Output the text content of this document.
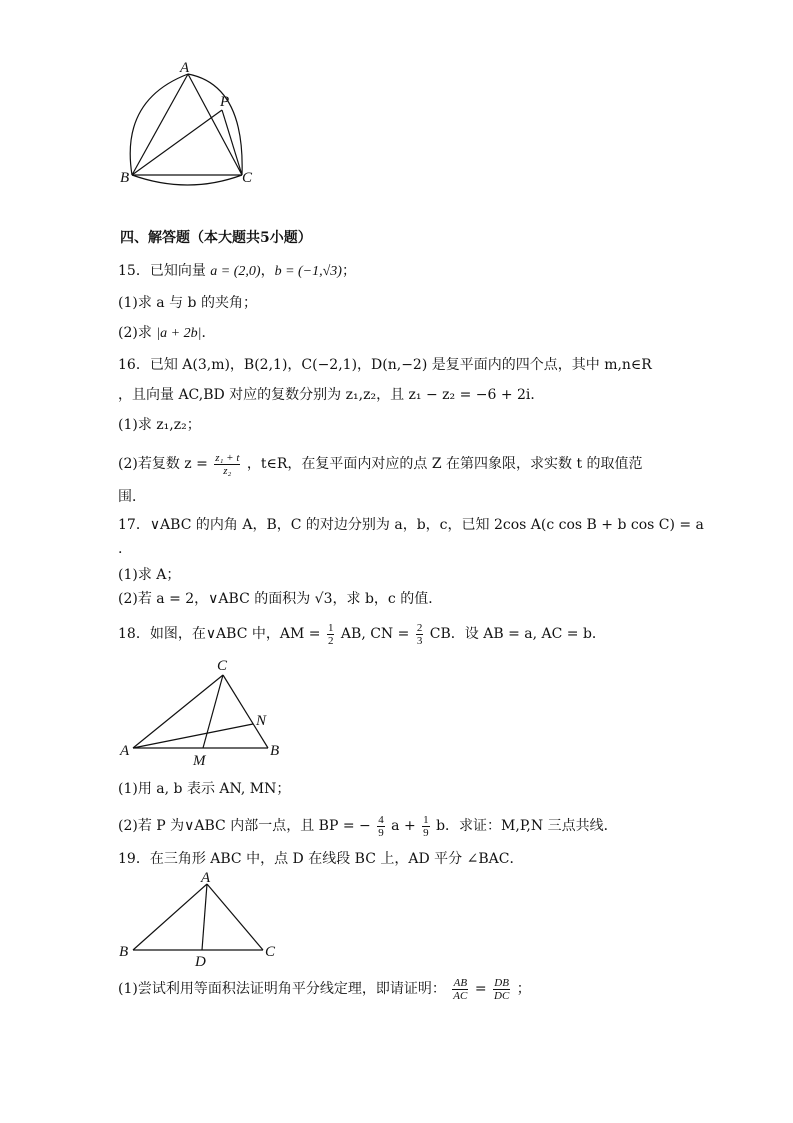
A
P
B	C
四、解答题（本大题共5小题）
15．已知向量 a = (2,0)，b = (−1,√3)；
(1)求 a 与 b 的夹角；
(2)求 |a + 2b|．
16．已知 A(3,m)，B(2,1)，C(−2,1)，D(n,−2) 是复平面内的四个点，其中 m,n∈R
，且向量 AC,BD 对应的复数分别为 z₁,z₂，且 z₁ − z₂ = −6 + 2i．
(1)求 z₁,z₂；
(2)若复数 $z = \frac{\text{z₁ + t}}{\text{z₂}}$ ，t∈R，在复平面内对应的点 Z 在第四象限，求实数 t 的取值范
围．
17．∨ABC 的内角 A，B，C 的对边分别为 a，b，c，已知 2cos A(c cos B + b cos C) = a
.
(1)求 A；
(2)若 a = 2，∨ABC 的面积为 √3，求 b，c 的值．
18．如图，在∨ABC 中，AM = $\frac{1}{2}$ AB, CN = $\frac{2}{3}$ CB．设 AB = a, AC = b．
C
N
A	B
M
(1)用 a, b 表示 AN, MN；
(2)若 P 为∨ABC 内部一点，且 BP = − $\frac{4}{9}$ $a + \frac{1}{9}$ b．求证：M,P,N 三点共线．
19．在三角形 ABC 中，点 D 在线段 BC 上，AD 平分 ∠BAC．
A
B	C
D
(1)尝试利用等面积法证明角平分线定理，即请证明： $\frac{AB}{AC} = \frac{DB}{DC}$ ；
